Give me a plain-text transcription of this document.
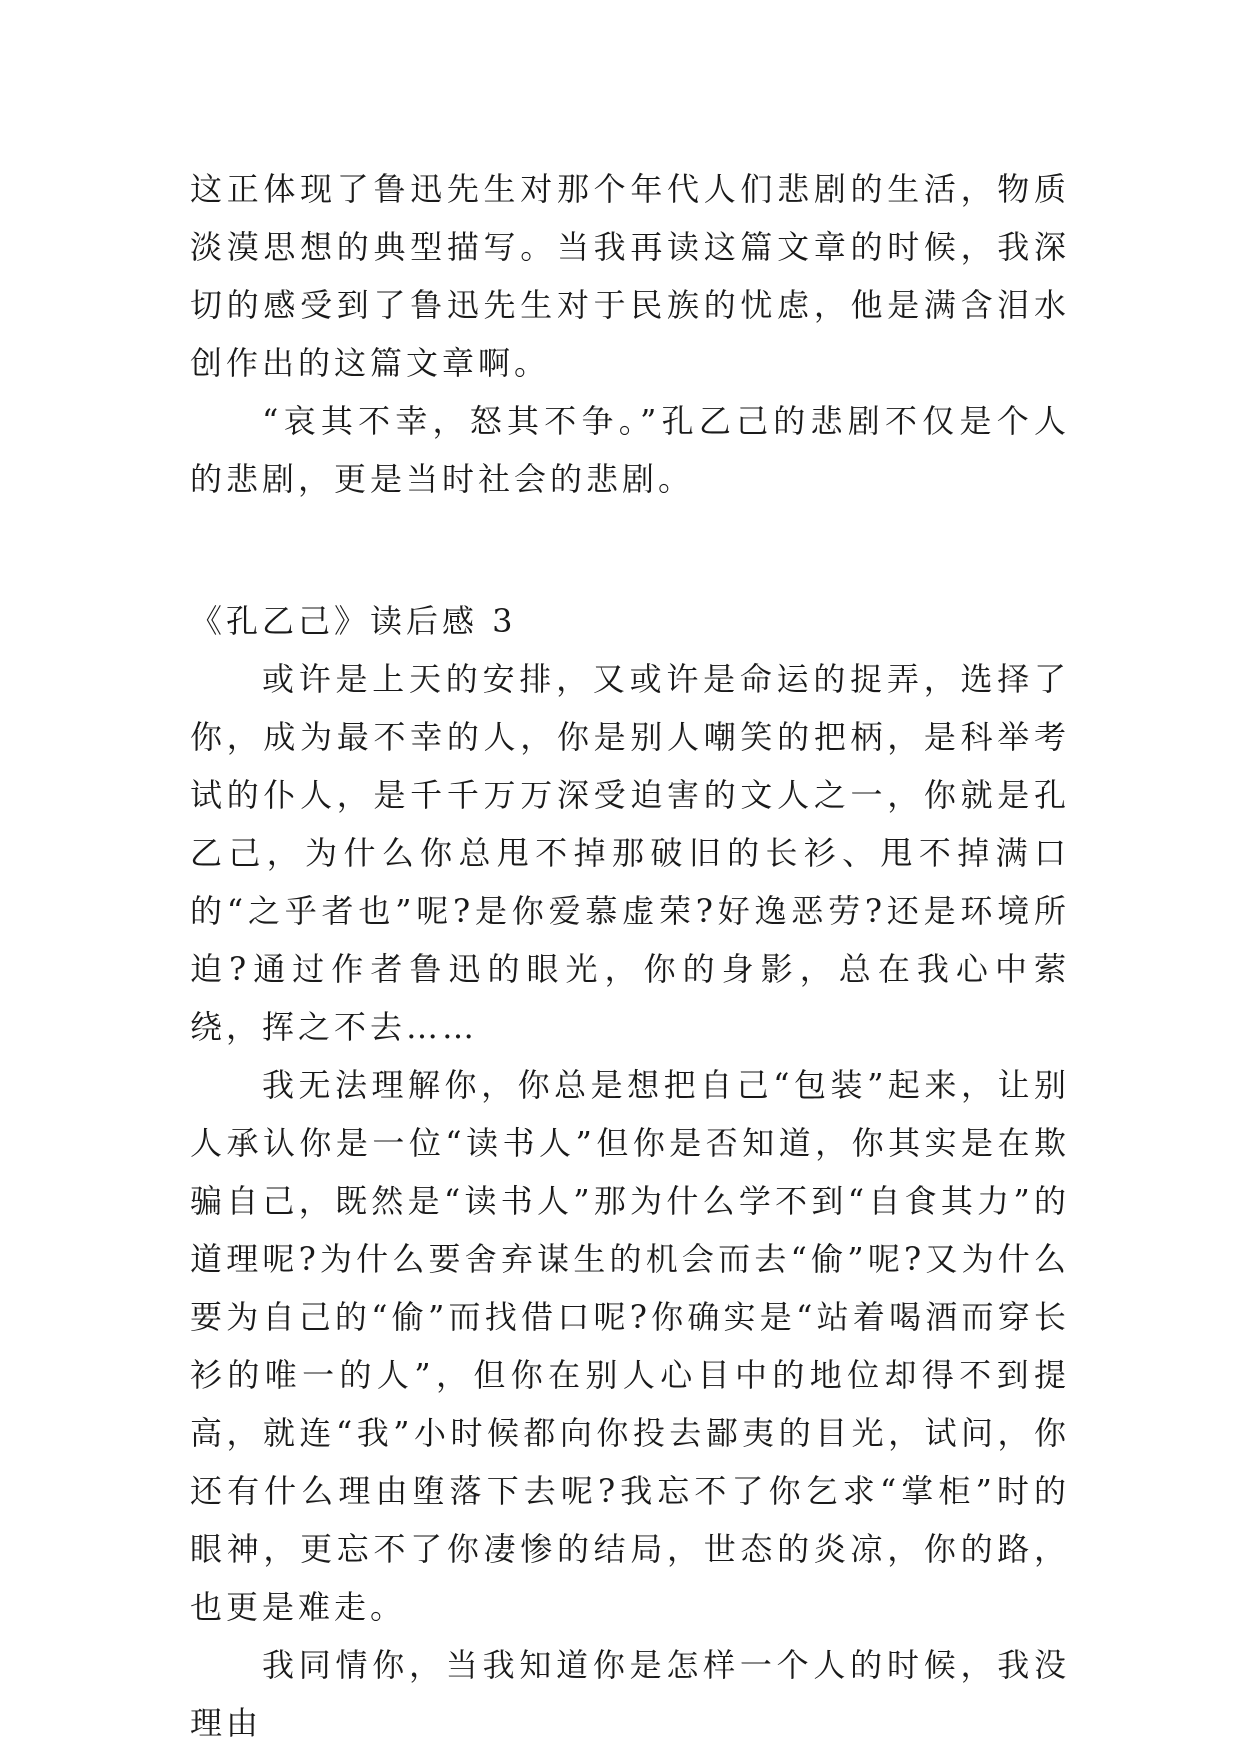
这正体现了鲁迅先生对那个年代人们悲剧的生活，物质淡漠思想的典型描写。当我再读这篇文章的时候，我深切的感受到了鲁迅先生对于民族的忧虑，他是满含泪水创作出的这篇文章啊。

“哀其不幸，怒其不争。”孔乙己的悲剧不仅是个人的悲剧，更是当时社会的悲剧。

《孔乙己》读后感 3

或许是上天的安排，又或许是命运的捉弄，选择了你，成为最不幸的人，你是别人嘲笑的把柄，是科举考试的仆人，是千千万万深受迫害的文人之一，你就是孔乙己，为什么你总甩不掉那破旧的长衫、甩不掉满口的“之乎者也”呢?是你爱慕虚荣?好逸恶劳?还是环境所迫?通过作者鲁迅的眼光，你的身影，总在我心中萦绕，挥之不去……

我无法理解你，你总是想把自己“包装”起来，让别人承认你是一位“读书人”但你是否知道，你其实是在欺骗自己，既然是“读书人”那为什么学不到“自食其力”的道理呢?为什么要舍弃谋生的机会而去“偷”呢?又为什么要为自己的“偷”而找借口呢?你确实是“站着喝酒而穿长衫的唯一的人”，但你在别人心目中的地位却得不到提高，就连“我”小时候都向你投去鄙夷的目光，试问，你还有什么理由堕落下去呢?我忘不了你乞求“掌柜”时的眼神，更忘不了你凄惨的结局，世态的炎凉，你的路，也更是难走。

我同情你，当我知道你是怎样一个人的时候，我没理由
